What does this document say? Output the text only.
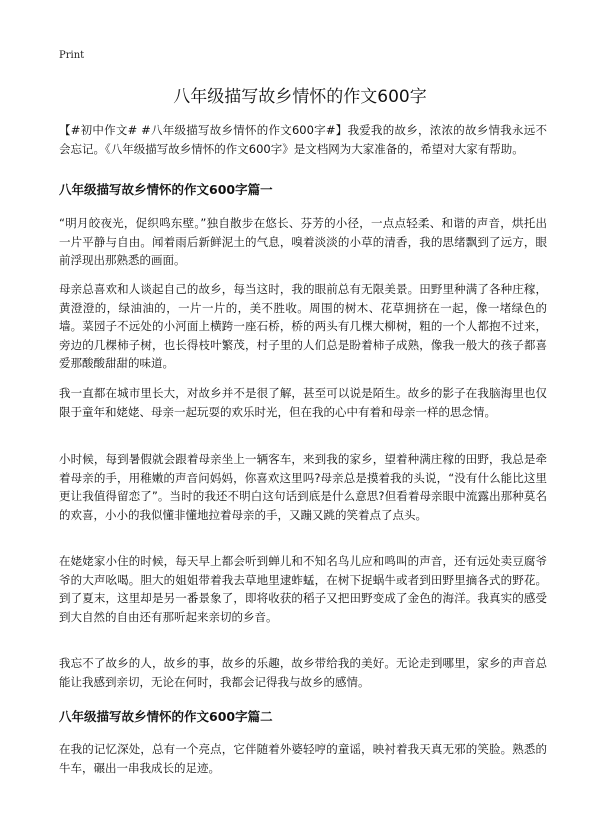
Print
八年级描写故乡情怀的作文600字

【#初中作文# #八年级描写故乡情怀的作文600字#】我爱我的故乡，浓浓的故乡情我永远不会忘记。《八年级描写故乡情怀的作文600字》是文档网为大家准备的，希望对大家有帮助。

八年级描写故乡情怀的作文600字篇一

“明月皎夜光，促织鸣东壁。”独自散步在悠长、芬芳的小径，一点点轻柔、和谐的声音，烘托出一片平静与自由。闻着雨后新鲜泥土的气息，嗅着淡淡的小草的清香，我的思绪飘到了远方，眼前浮现出那熟悉的画面。

母亲总喜欢和人谈起自己的故乡，每当这时，我的眼前总有无限美景。田野里种满了各种庄稼，黄澄澄的，绿油油的，一片一片的，美不胜收。周围的树木、花草拥挤在一起，像一堵绿色的墙。菜园子不远处的小河面上横跨一座石桥，桥的两头有几棵大柳树，粗的一个人都抱不过来，旁边的几棵柿子树，也长得枝叶繁茂，村子里的人们总是盼着柿子成熟，像我一般大的孩子都喜爱那酸酸甜甜的味道。

我一直都在城市里长大，对故乡并不是很了解，甚至可以说是陌生。故乡的影子在我脑海里也仅限于童年和姥姥、母亲一起玩耍的欢乐时光，但在我的心中有着和母亲一样的思念情。

小时候，每到暑假就会跟着母亲坐上一辆客车，来到我的家乡，望着种满庄稼的田野，我总是牵着母亲的手，用稚嫩的声音问妈妈，你喜欢这里吗?母亲总是摸着我的头说，“没有什么能比这里更让我值得留恋了”。当时的我还不明白这句话到底是什么意思?但看着母亲眼中流露出那种莫名的欢喜，小小的我似懂非懂地拉着母亲的手，又蹦又跳的笑着点了点头。

在姥姥家小住的时候，每天早上都会听到蝉儿和不知名鸟儿应和鸣叫的声音，还有远处卖豆腐爷爷的大声吆喝。胆大的姐姐带着我去草地里逮蚱蜢，在树下捉蜗牛或者到田野里摘各式的野花。到了夏末，这里却是另一番景象了，即将收获的稻子又把田野变成了金色的海洋。我真实的感受到大自然的自由还有那听起来亲切的乡音。

我忘不了故乡的人，故乡的事，故乡的乐趣，故乡带给我的美好。无论走到哪里，家乡的声音总能让我感到亲切，无论在何时，我都会记得我与故乡的感情。

八年级描写故乡情怀的作文600字篇二

在我的记忆深处，总有一个亮点，它伴随着外婆轻哼的童谣，映衬着我天真无邪的笑脸。熟悉的牛车，碾出一串我成长的足迹。
